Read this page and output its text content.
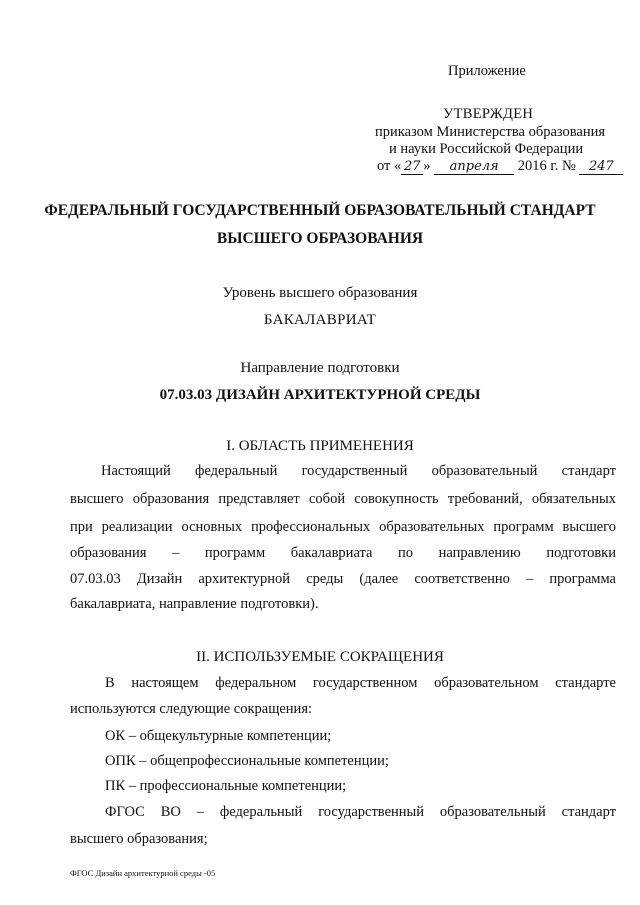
Приложение
УТВЕРЖДЕН
приказом Министерства образования
и науки Российской Федерации
от « 27 » апреля 2016 г. № 247
ФЕДЕРАЛЬНЫЙ ГОСУДАРСТВЕННЫЙ ОБРАЗОВАТЕЛЬНЫЙ СТАНДАРТ
ВЫСШЕГО ОБРАЗОВАНИЯ
Уровень высшего образования
БАКАЛАВРИАТ
Направление подготовки
07.03.03 ДИЗАЙН АРХИТЕКТУРНОЙ СРЕДЫ
I. ОБЛАСТЬ ПРИМЕНЕНИЯ
Настоящий федеральный государственный образовательный стандарт
высшего образования представляет собой совокупность требований, обязательных
при реализации основных профессиональных образовательных программ высшего
образования – программ бакалавриата по направлению подготовки
07.03.03 Дизайн архитектурной среды (далее соответственно – программа
бакалавриата, направление подготовки).
II. ИСПОЛЬЗУЕМЫЕ СОКРАЩЕНИЯ
В настоящем федеральном государственном образовательном стандарте
используются следующие сокращения:
ОК – общекультурные компетенции;
ОПК – общепрофессиональные компетенции;
ПК – профессиональные компетенции;
ФГОС ВО – федеральный государственный образовательный стандарт
высшего образования;
ФГОС Дизайн архитектурной среды -05
